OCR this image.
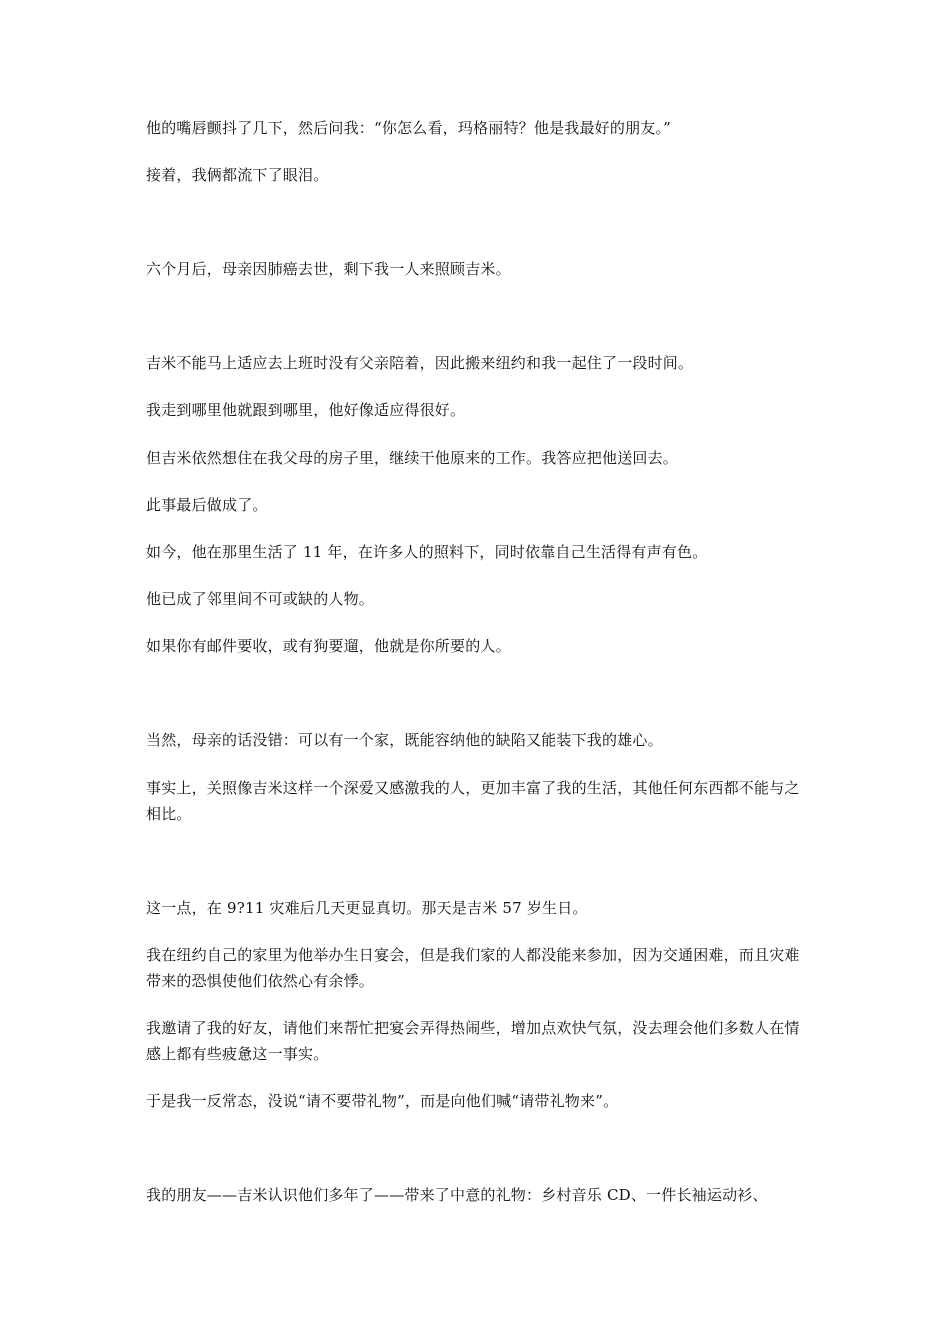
他的嘴唇颤抖了几下，然后问我：“你怎么看，玛格丽特？他是我最好的朋友。”

接着，我俩都流下了眼泪。

六个月后，母亲因肺癌去世，剩下我一人来照顾吉米。

吉米不能马上适应去上班时没有父亲陪着，因此搬来纽约和我一起住了一段时间。

我走到哪里他就跟到哪里，他好像适应得很好。

但吉米依然想住在我父母的房子里，继续干他原来的工作。我答应把他送回去。

此事最后做成了。

如今，他在那里生活了 11 年，在许多人的照料下，同时依靠自己生活得有声有色。

他已成了邻里间不可或缺的人物。

如果你有邮件要收，或有狗要遛，他就是你所要的人。

当然，母亲的话没错：可以有一个家，既能容纳他的缺陷又能装下我的雄心。

事实上，关照像吉米这样一个深爱又感激我的人，更加丰富了我的生活，其他任何东西都不能与之相比。

这一点，在 9?11 灾难后几天更显真切。那天是吉米 57 岁生日。

我在纽约自己的家里为他举办生日宴会，但是我们家的人都没能来参加，因为交通困难，而且灾难带来的恐惧使他们依然心有余悸。

我邀请了我的好友，请他们来帮忙把宴会弄得热闹些，增加点欢快气氛，没去理会他们多数人在情感上都有些疲惫这一事实。

于是我一反常态，没说“请不要带礼物”，而是向他们喊“请带礼物来”。

我的朋友——吉米认识他们多年了——带来了中意的礼物：乡村音乐 CD、一件长袖运动衫、
